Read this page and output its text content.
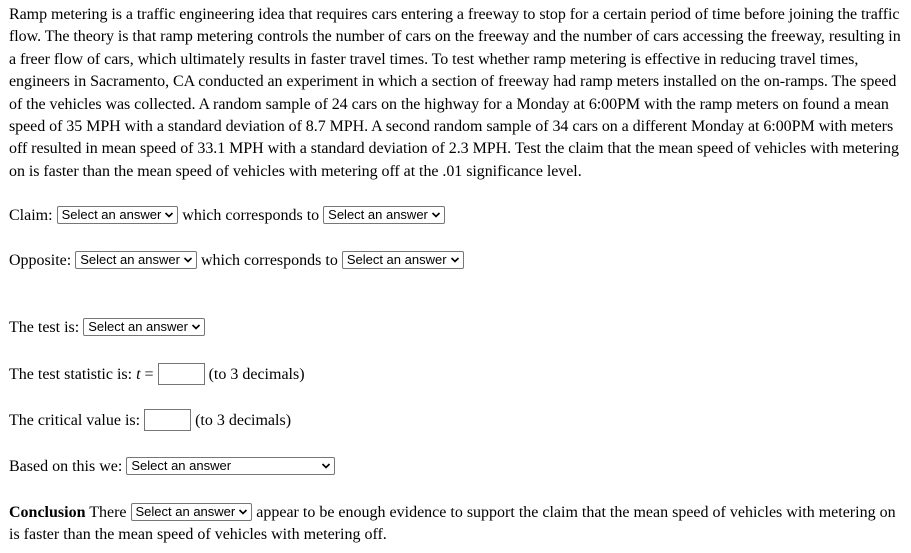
Ramp metering is a traffic engineering idea that requires cars entering a freeway to stop for a certain period of time before joining the traffic flow. The theory is that ramp metering controls the number of cars on the freeway and the number of cars accessing the freeway, resulting in a freer flow of cars, which ultimately results in faster travel times. To test whether ramp metering is effective in reducing travel times, engineers in Sacramento, CA conducted an experiment in which a section of freeway had ramp meters installed on the on-ramps. The speed of the vehicles was collected. A random sample of 24 cars on the highway for a Monday at 6:00PM with the ramp meters on found a mean speed of 35 MPH with a standard deviation of 8.7 MPH. A second random sample of 34 cars on a different Monday at 6:00PM with meters off resulted in mean speed of 33.1 MPH with a standard deviation of 2.3 MPH. Test the claim that the mean speed of vehicles with metering on is faster than the mean speed of vehicles with metering off at the .01 significance level.

Claim: Select an answer which corresponds to Select an answer
Opposite: Select an answer which corresponds to Select an answer
The test is: Select an answer
The test statistic is: t =	(to 3 decimals)
The critical value is:	(to 3 decimals)
Based on this we: Select an answer
Conclusion There Select an answer appear to be enough evidence to support the claim that the mean speed of vehicles with metering on is faster than the mean speed of vehicles with metering off.
